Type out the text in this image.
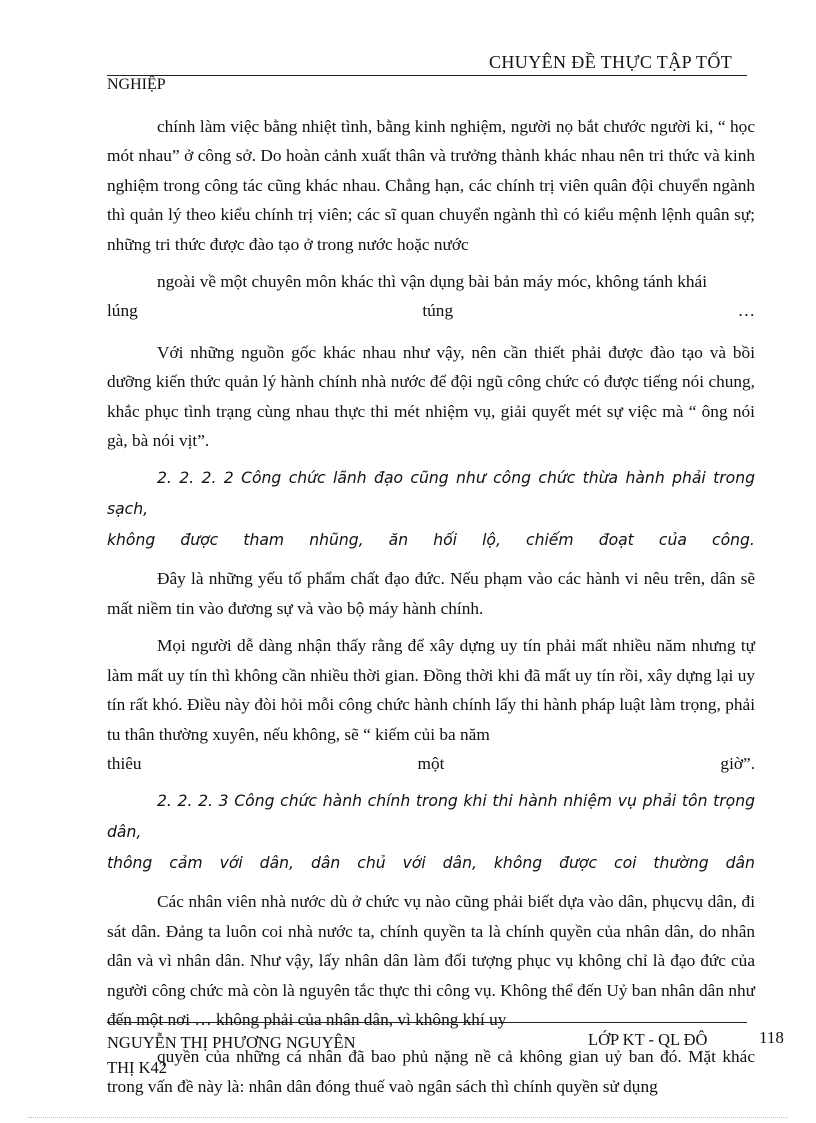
CHUYÊN ĐỀ THỰC TẬP TỐT
NGHIỆP

chính làm việc bằng nhiệt tình, bằng kinh nghiệm, người nọ bắt chước người ki, “ học mót nhau” ở công sở. Do hoàn cảnh xuất thân và trưởng thành khác nhau nên tri thức và kinh nghiệm trong công tác cũng khác nhau. Chẳng hạn, các chính trị viên quân đội chuyển ngành thì quản lý theo kiểu chính trị viên; các sĩ quan chuyển ngành thì có kiểu mệnh lệnh quân sự; những tri thức được đào tạo ở trong nước hoặc nước

ngoài về một chuyên môn khác thì vận dụng bài bản máy móc, không tánh khái

lúng	túng	…

Với những nguồn gốc khác nhau như vậy, nên cần thiết phải được đào tạo và bồi dưỡng kiến thức quản lý hành chính nhà nước để đội ngũ công chức có được tiếng nói chung, khắc phục tình trạng cùng nhau thực thi mét nhiệm vụ, giải quyết mét sự việc mà “ ông nói gà, bà nói vịt”.

2. 2. 2. 2 Công chức lãnh đạo cũng như công chức thừa hành phải trong sạch,

không được tham nhũng, ăn hối lộ, chiếm đoạt của công.

Đây là những yếu tố phẩm chất đạo đức. Nếu phạm vào các hành vi nêu trên, dân sẽ mất niềm tin vào đương sự và vào bộ máy hành chính.

Mọi người dễ dàng nhận thấy rằng để xây dựng uy tín phải mất nhiều năm nhưng tự làm mất uy tín thì không cần nhiều thời gian. Đồng thời khi đã mất uy tín rồi, xây dựng lại uy tín rất khó. Điều này đòi hỏi mỗi công chức hành chính lấy thi hành pháp luật làm trọng, phải tu thân thường xuyên, nếu không, sẽ “ kiếm củi ba năm

thiêu	một	giờ”.

2. 2. 2. 3 Công chức hành chính trong khi thi hành nhiệm vụ phải tôn trọng dân,

thông cảm với dân, dân chủ với dân, không được coi thường dân

Các nhân viên nhà nước dù ở chức vụ nào cũng phải biết dựa vào dân, phụcvụ dân, đi sát dân. Đảng ta luôn coi nhà nước ta, chính quyền ta là chính quyền của nhân dân, do nhân dân và vì nhân dân. Như vậy, lấy nhân dân làm đối tượng phục vụ không chỉ là đạo đức của người công chức mà còn là nguyên tắc thực thi công vụ. Không thể đến Uỷ ban nhân dân như đến một nơi … không phải của nhân dân, vì không khí uy

quyền của những cá nhân đã bao phủ nặng nề cả không gian uỷ ban đó. Mặt khác trong vấn đề này là: nhân dân đóng thuế vaò ngân sách thì chính quyền sử dụng

NGUYỄN THỊ PHƯƠNG NGUYÊN
THỊ K42
LỚP KT - QL ĐÔ	118
